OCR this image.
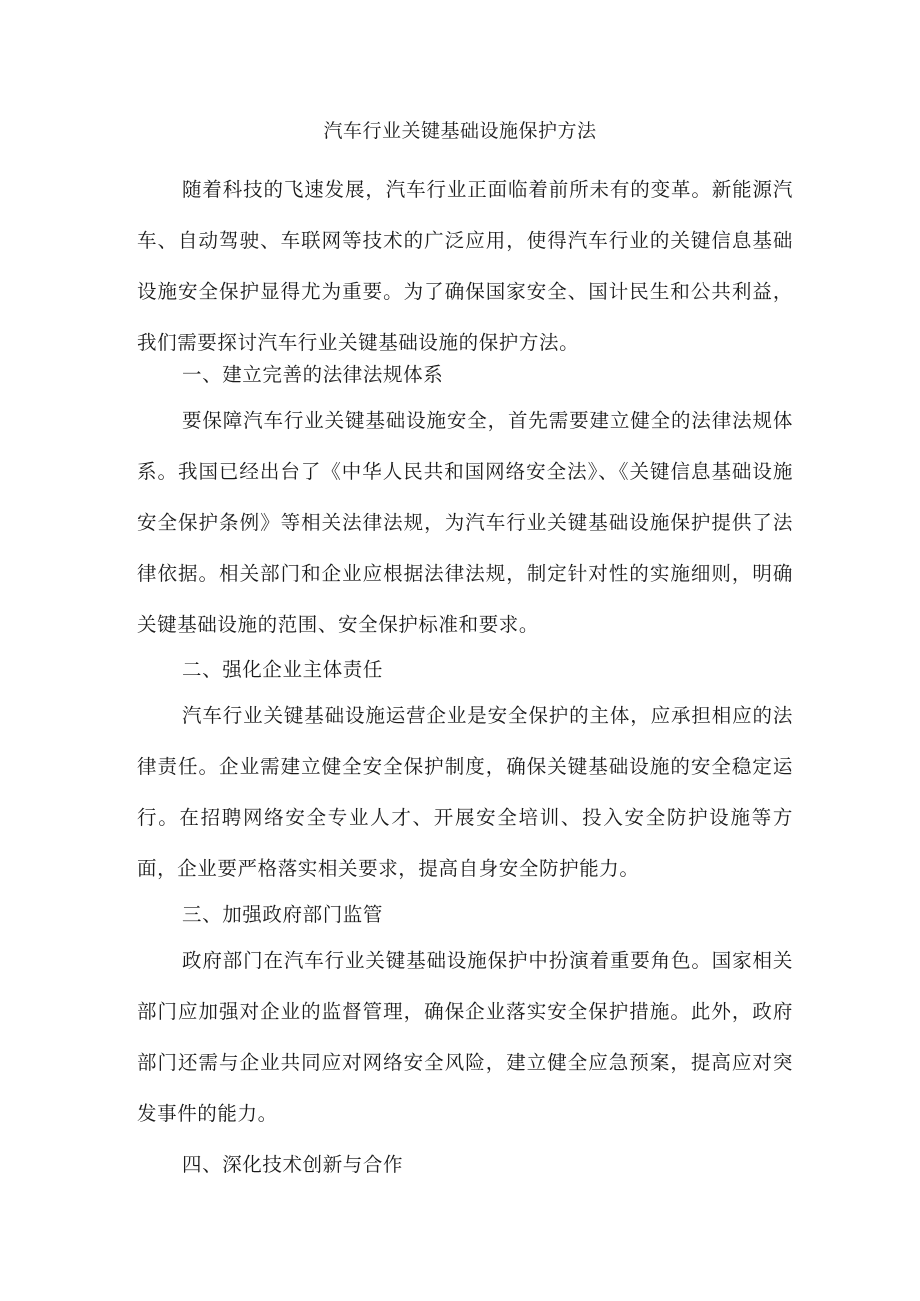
汽车行业关键基础设施保护方法

随着科技的飞速发展，汽车行业正面临着前所未有的变革。新能源汽车、自动驾驶、车联网等技术的广泛应用，使得汽车行业的关键信息基础设施安全保护显得尤为重要。为了确保国家安全、国计民生和公共利益，我们需要探讨汽车行业关键基础设施的保护方法。

一、建立完善的法律法规体系

要保障汽车行业关键基础设施安全，首先需要建立健全的法律法规体系。我国已经出台了《中华人民共和国网络安全法》、《关键信息基础设施安全保护条例》等相关法律法规，为汽车行业关键基础设施保护提供了法律依据。相关部门和企业应根据法律法规，制定针对性的实施细则，明确关键基础设施的范围、安全保护标准和要求。

二、强化企业主体责任

汽车行业关键基础设施运营企业是安全保护的主体，应承担相应的法律责任。企业需建立健全安全保护制度，确保关键基础设施的安全稳定运行。在招聘网络安全专业人才、开展安全培训、投入安全防护设施等方面，企业要严格落实相关要求，提高自身安全防护能力。

三、加强政府部门监管

政府部门在汽车行业关键基础设施保护中扮演着重要角色。国家相关部门应加强对企业的监督管理，确保企业落实安全保护措施。此外，政府部门还需与企业共同应对网络安全风险，建立健全应急预案，提高应对突发事件的能力。

四、深化技术创新与合作
